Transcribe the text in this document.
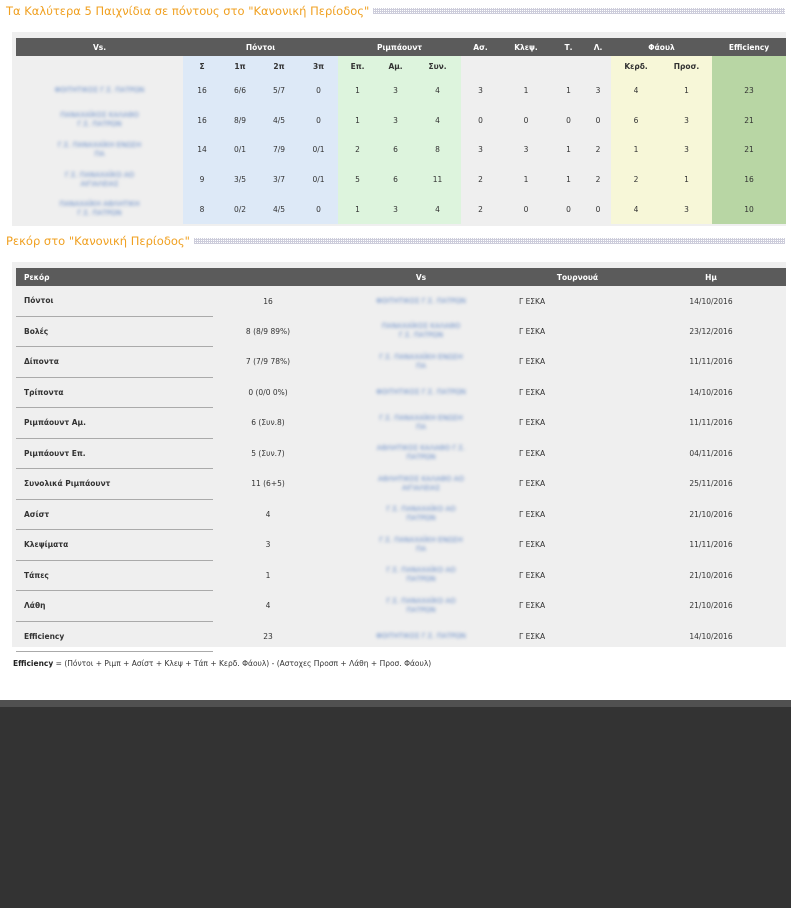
Τα Καλύτερα 5 Παιχνίδια σε πόντους στο "Κανονική Περίοδος"
Vs.	Πόντοι				Ριμπάουντ			Ασ.	Κλεψ.	Τ.	Λ.	Φάουλ		Efficiency
	Σ	1π	2π	3π	Επ.	Αμ.	Συν.					Κερδ.	Προσ.	

ΦΟΙΤΗΤΙΚΟΣ Γ.Σ. ΠΑΤΡΩΝ	16	6/6	5/7	0	1	3	4	3	1	1	3	4	1	23

ΠΑΝΑΧΑΪΚΟΣ ΚΑΛΑΘΟ Γ.Σ. ΠΑΤΡΩΝ	16	8/9	4/5	0	1	3	4	0	0	0	0	6	3	21

Γ.Σ. ΠΑΝΑΧΑΪΚΗ ΕΝΩΣΗ ΠΑ	14	0/1	7/9	0/1	2	6	8	3	3	1	2	1	3	21

Γ.Σ. ΠΑΝΑΧΑΪΚΟ ΑΟ ΑΙΓΙΑΛΕΙΑΣ	9	3/5	3/7	0/1	5	6	11	2	1	1	2	2	1	16

ΠΑΝΑΧΑΪΚΗ ΑΘΛΗΤΙΚΗ Γ.Σ. ΠΑΤΡΩΝ	8	0/2	4/5	0	1	3	4	2	0	0	0	4	3	10
Ρεκόρ στο "Κανονική Περίοδος"
Ρεκόρ		Vs	Τουρνουά	Ημ
Πόντοι	16	ΦΟΙΤΗΤΙΚΟΣ Γ.Σ. ΠΑΤΡΩΝ	Γ ΕΣΚΑ	14/10/2016
Βολές	8 (8/9 89%)	ΠΑΝΑΧΑΪΚΟΣ ΚΑΛΑΘΟ Γ.Σ. ΠΑΤΡΩΝ	Γ ΕΣΚΑ	23/12/2016
Δίποντα	7 (7/9 78%)	Γ.Σ. ΠΑΝΑΧΑΪΚΗ ΕΝΩΣΗ ΠΑ	Γ ΕΣΚΑ	11/11/2016
Τρίποντα	0 (0/0 0%)	ΦΟΙΤΗΤΙΚΟΣ Γ.Σ. ΠΑΤΡΩΝ	Γ ΕΣΚΑ	14/10/2016
Ριμπάουντ Αμ.	6 (Συν.8)	Γ.Σ. ΠΑΝΑΧΑΪΚΗ ΕΝΩΣΗ ΠΑ	Γ ΕΣΚΑ	11/11/2016
Ριμπάουντ Επ.	5 (Συν.7)	ΑΘΛΗΤΙΚΟΣ ΚΑΛΑΘΟ Γ.Σ. ΠΑΤΡΩΝ	Γ ΕΣΚΑ	04/11/2016
Συνολικά Ριμπάουντ	11 (6+5)	ΑΘΛΗΤΙΚΟΣ ΚΑΛΑΘΟ ΑΟ ΑΙΓΙΑΛΕΙΑΣ	Γ ΕΣΚΑ	25/11/2016
Ασίστ	4	Γ.Σ. ΠΑΝΑΧΑΪΚΟ ΑΟ ΠΑΤΡΩΝ	Γ ΕΣΚΑ	21/10/2016
Κλεψίματα	3	Γ.Σ. ΠΑΝΑΧΑΪΚΗ ΕΝΩΣΗ ΠΑ	Γ ΕΣΚΑ	11/11/2016
Τάπες	1	Γ.Σ. ΠΑΝΑΧΑΪΚΟ ΑΟ ΠΑΤΡΩΝ	Γ ΕΣΚΑ	21/10/2016
Λάθη	4	Γ.Σ. ΠΑΝΑΧΑΪΚΟ ΑΟ ΠΑΤΡΩΝ	Γ ΕΣΚΑ	21/10/2016
Efficiency	23	ΦΟΙΤΗΤΙΚΟΣ Γ.Σ. ΠΑΤΡΩΝ	Γ ΕΣΚΑ	14/10/2016
Efficiency = (Πόντοι + Ριμπ + Ασίστ + Κλεψ + Τάπ + Κερδ. Φάουλ) - (Αστοχες Προσπ + Λάθη + Προσ. Φάουλ)
